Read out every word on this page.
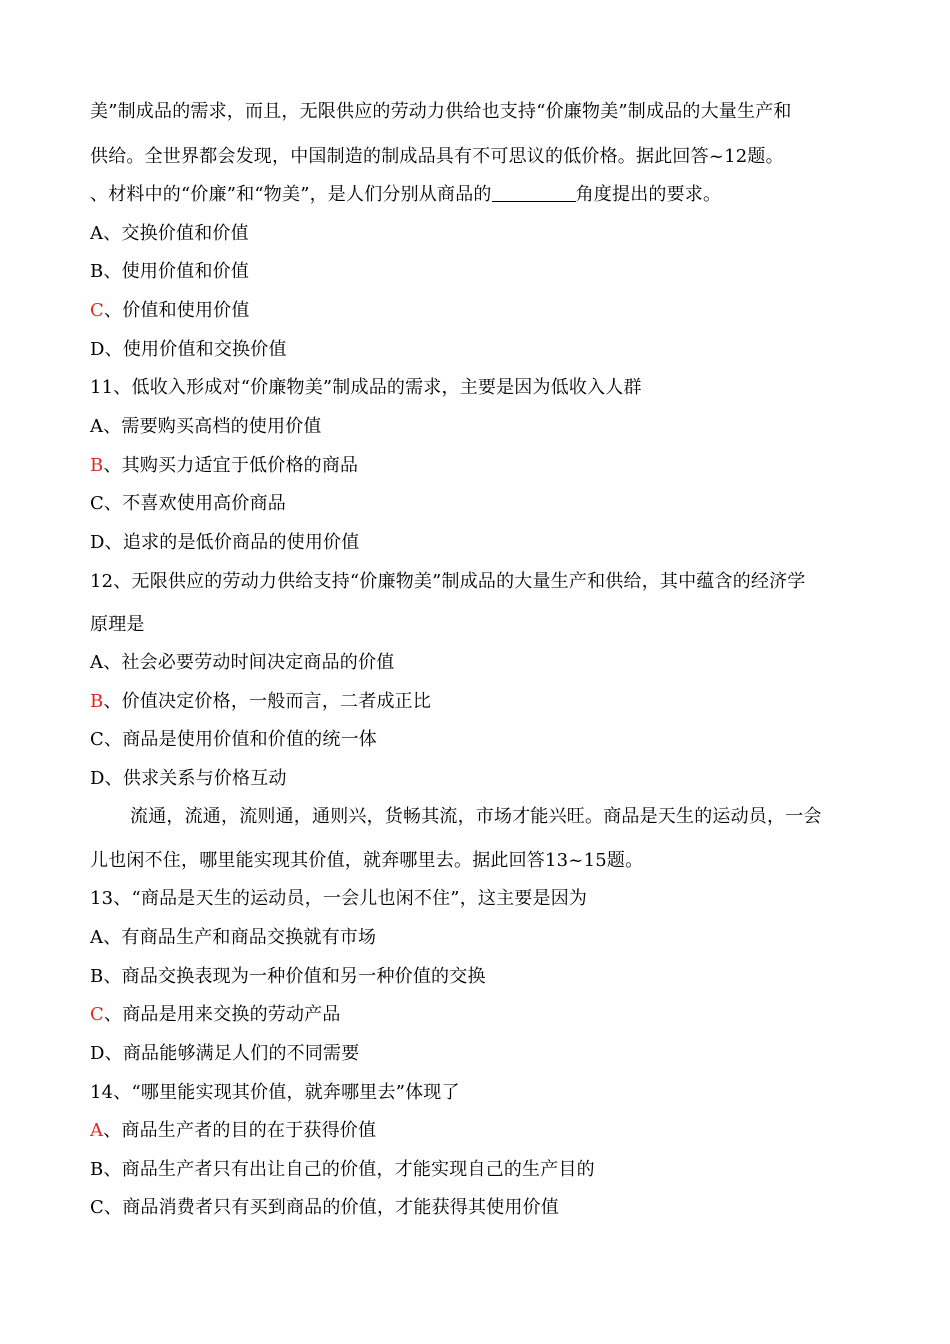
美”制成品的需求，而且，无限供应的劳动力供给也支持“价廉物美”制成品的大量生产和
供给。全世界都会发现，中国制造的制成品具有不可思议的低价格。据此回答~12题。
、材料中的“价廉”和“物美”，是人们分别从商品的	角度提出的要求。
A、交换价值和价值
B、使用价值和价值
C、价值和使用价值
D、使用价值和交换价值
11、低收入形成对“价廉物美”制成品的需求，主要是因为低收入人群
A、需要购买高档的使用价值
B、其购买力适宜于低价格的商品
C、不喜欢使用高价商品
D、追求的是低价商品的使用价值
12、无限供应的劳动力供给支持“价廉物美”制成品的大量生产和供给，其中蕴含的经济学
原理是
A、社会必要劳动时间决定商品的价值
B、价值决定价格，一般而言，二者成正比
C、商品是使用价值和价值的统一体
D、供求关系与价格互动
流通，流通，流则通，通则兴，货畅其流，市场才能兴旺。商品是天生的运动员，一会
儿也闲不住，哪里能实现其价值，就奔哪里去。据此回答13~15题。
13、“商品是天生的运动员，一会儿也闲不住”，这主要是因为
A、有商品生产和商品交换就有市场
B、商品交换表现为一种价值和另一种价值的交换
C、商品是用来交换的劳动产品
D、商品能够满足人们的不同需要
14、“哪里能实现其价值，就奔哪里去”体现了
A、商品生产者的目的在于获得价值
B、商品生产者只有出让自己的价值，才能实现自己的生产目的
C、商品消费者只有买到商品的价值，才能获得其使用价值
